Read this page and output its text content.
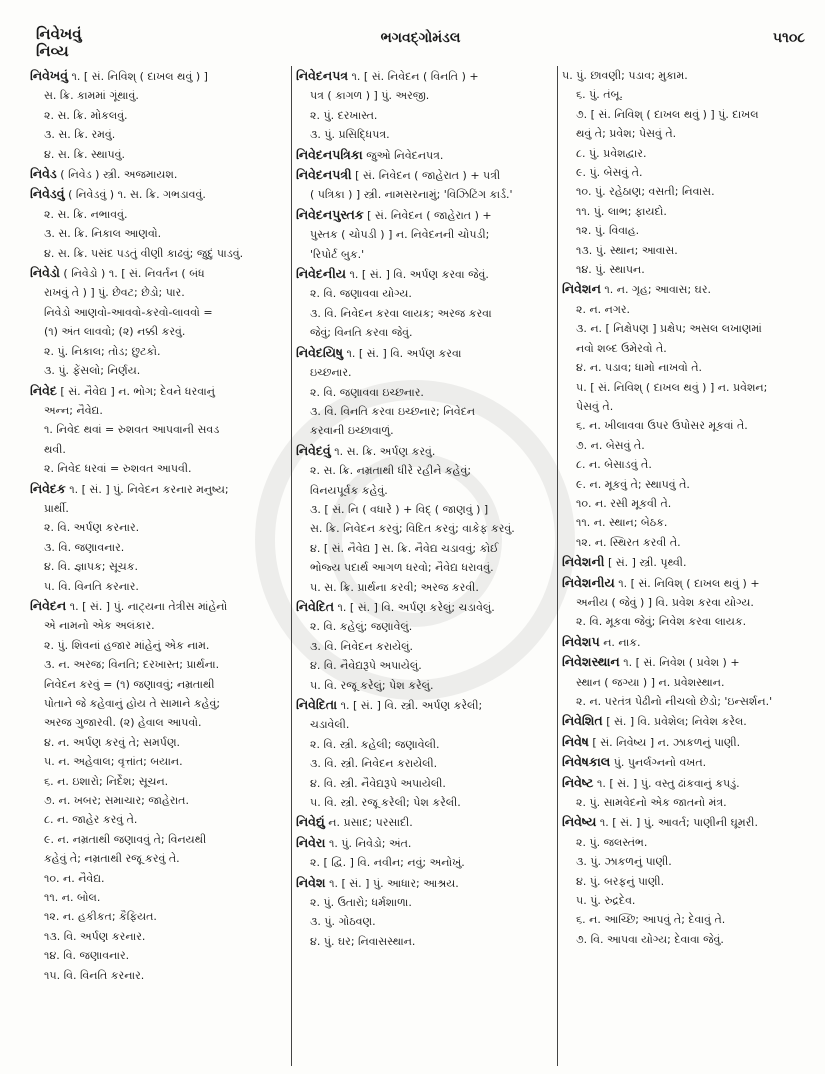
નિવેખવું
નિવ્ય
ભગવદ્ગોમંડલ	૫૧૦૮
નિવેખવું ૧. [ સં. નિવિશ્ ( દાખલ થવું ) ]
સ. ક્રિ. કામમાં ગૂંથાવું.
૨. સ. ક્રિ. મોકલવું.
૩. સ. ક્રિ. રમવું.
૪. સ. ક્રિ. સ્થાપવું.
નિવેડ ( નિવેડ ) સ્ત્રી. અજમાયશ.
નિવેડવું ( નિવેડવું ) ૧. સ. ક્રિ. ગભડાવવું.
૨. સ. ક્રિ. નભાવવું.
૩. સ. ક્રિ. નિકાલ આણવો.
૪. સ. ક્રિ. પસંદ પડતું વીણી કાઢવું; જુદું પાડવું.
નિવેડો ( નિવેડો ) ૧. [ સં. નિવર્તન ( બંધ
રાખવું તે ) ] પું. છેવટ; છેડો; પાર.
નિવેડો આણવો-આવવો-કરવો-લાવવો =
(૧) અંત લાવવો; (૨) નક્કી કરવું.
૨. પું. નિકાલ; તોડ; છુટકો.
૩. પું. ફેંસલો; નિર્ણય.
નિવેદ [ સં. નૈવેદ્ય ] ન. ભોગ; દેવને ધરવાનું
અન્ન; નૈવેદ્ય.
૧. નિવેદ થવાં = રુશવત આપવાની સવડ
થવી.
૨. નિવેદ ધરવાં = રુશવત આપવી.
નિવેદક ૧. [ સં. ] પું. નિવેદન કરનાર મનુષ્ય;
પ્રાર્થી.
૨. વિ. અર્પણ કરનાર.
૩. વિ. જણાવનાર.
૪. વિ. જ્ઞાપક; સૂચક.
૫. વિ. વિનતિ કરનાર.
નિવેદન ૧. [ સં. ] પું. નાટ્યના તેત્રીસ માંહેનો
એ નામનો એક અલંકાર.
૨. પું. શિવનાં હજાર માંહેનું એક નામ.
૩. ન. અરજ; વિનતિ; દરખાસ્ત; પ્રાર્થના.
નિવેદન કરવું = (૧) જણાવવું; નમ્રતાથી
પોતાને જે કહેવાનું હોય તે સામાને કહેવું;
અરજ ગુજારવી. (૨) હેવાલ આપવો.
૪. ન. અર્પણ કરવું તે; સમર્પણ.
૫. ન. અહેવાલ; વૃત્તાંત; બયાન.
૬. ન. ઇશારો; નિર્દેશ; સૂચન.
૭. ન. ખબર; સમાચાર; જાહેરાત.
૮. ન. જાહેર કરવું તે.
૯. ન. નમ્રતાથી જણાવવું તે; વિનયથી
કહેવું તે; નમ્રતાથી રજૂ કરવું તે.
૧૦. ન. નૈવેદ્ય.
૧૧. ન. બોલ.
૧૨. ન. હકીકત; કૈફિયત.
૧૩. વિ. અર્પણ કરનાર.
૧૪. વિ. જણાવનાર.
૧૫. વિ. વિનતિ કરનાર.
નિવેદનપત્ર ૧. [ સં. નિવેદન ( વિનતિ ) +
પત્ર ( કાગળ ) ] પું. અરજી.
૨. પું. દરખાસ્ત.
૩. પું. પ્રસિદ્ધિપત્ર.
નિવેદનપત્રિકા જુઓ નિવેદનપત્ર.
નિવેદનપત્રી [ સં. નિવેદન ( જાહેરાત ) + પત્રી
( પત્રિકા ) ] સ્ત્રી. નામસરનામું; 'વિઝિટિંગ કાર્ડ.'
નિવેદનપુસ્તક [ સં. નિવેદન ( જાહેરાત ) +
પુસ્તક ( ચોપડી ) ] ન. નિવેદનની ચોપડી;
'રિપોર્ટ બુક.'
નિવેદનીય ૧. [ સં. ] વિ. અર્પણ કરવા જેવું.
૨. વિ. જણાવવા યોગ્ય.
૩. વિ. નિવેદન કરવા લાયક; અરજ કરવા
જેવું; વિનતિ કરવા જેવું.
નિવેદયિષુ ૧. [ સં. ] વિ. અર્પણ કરવા
ઇચ્છનાર.
૨. વિ. જણાવવા ઇચ્છનાર.
૩. વિ. વિનતિ કરવા ઇચ્છનાર; નિવેદન
કરવાની ઇચ્છાવાળું.
નિવેદવું ૧. સ. ક્રિ. અર્પણ કરવું.
૨. સ. ક્રિ. નમ્રતાથી ધીરે રહીને કહેવું;
વિનયપૂર્વક કહેવું.
૩. [ સં. નિ ( વધારે ) + વિદ્ ( જાણવું ) ]
સ. ક્રિ. નિવેદન કરવું; વિદિત કરવું; વાકેફ કરવું.
૪. [ સં. નૈવેદ્ય ] સ. ક્રિ. નૈવેદ્ય ચડાવવું; કોઈ
ભોજ્ય પદાર્થ આગળ ધરવો; નૈવેદ્ય ધરાવવું.
૫. સ. ક્રિ. પ્રાર્થના કરવી; અરજ કરવી.
નિવેદિત ૧. [ સં. ] વિ. અર્પણ કરેલું; ચડાવેલું.
૨. વિ. કહેલું; જણાવેલું.
૩. વિ. નિવેદન કરાયેલું.
૪. વિ. નૈવેદ્યરૂપે અપાયેલું.
૫. વિ. રજૂ કરેલું; પેશ કરેલું.
નિવેદિતા ૧. [ સં. ] વિ. સ્ત્રી. અર્પણ કરેલી;
ચડાવેલી.
૨. વિ. સ્ત્રી. કહેલી; જણાવેલી.
૩. વિ. સ્ત્રી. નિવેદન કરાયેલી.
૪. વિ. સ્ત્રી. નૈવેદ્યરૂપે અપાયેલી.
૫. વિ. સ્ત્રી. રજૂ કરેલી; પેશ કરેલી.
નિવેદ્યું ન. પ્રસાદ; પરસાદી.
નિવેરા ૧. પું. નિવેડો; અંત.
૨. [ દ્વિ. ] વિ. નવીન; નવું; અનોખું.
નિવેશ ૧. [ સં. ] પું. આધાર; આશ્રય.
૨. પું. ઉતારો; ધર્મશાળા.
૩. પું. ગોઠવણ.
૪. પું. ઘર; નિવાસસ્થાન.
૫. પું. છાવણી; પડાવ; મુકામ.
૬. પું. તંબૂ.
૭. [ સં. નિવિશ્ ( દાખલ થવું ) ] પું. દાખલ
થવું તે; પ્રવેશ; પેસવું તે.
૮. પું. પ્રવેશદ્વાર.
૯. પું. બેસવું તે.
૧૦. પું. રહેઠાણ; વસતી; નિવાસ.
૧૧. પું. લાભ; ફાયદો.
૧૨. પું. વિવાહ.
૧૩. પું. સ્થાન; આવાસ.
૧૪. પું. સ્થાપન.
નિવેશન ૧. ન. ગૃહ; આવાસ; ઘર.
૨. ન. નગર.
૩. ન. [ નિક્ષેપણ ] પ્રક્ષેપ; અસલ લખાણમાં
નવો શબ્દ ઉમેરવો તે.
૪. ન. પડાવ; ધામો નાખવો તે.
૫. [ સં. નિવિશ્ ( દાખલ થવું ) ] ન. પ્રવેશન;
પેસવું તે.
૬. ન. ખીલાવવા ઉપર ઉપોસર મૂકવાં તે.
૭. ન. બેસવું તે.
૮. ન. બેસાડવું તે.
૯. ન. મૂકવું તે; સ્થાપવું તે.
૧૦. ન. રસી મૂકવી તે.
૧૧. ન. સ્થાન; બેઠક.
૧૨. ન. સ્થિરત કરવી તે.
નિવેશની [ સં. ] સ્ત્રી. પૃથ્વી.
નિવેશનીય ૧. [ સં. નિવિશ્ ( દાખલ થવું ) +
અનીય ( જેવું ) ] વિ. પ્રવેશ કરવા યોગ્ય.
૨. વિ. મૂકવા જેવું; નિવેશ કરવા લાયક.
નિવેશપ ન. નાક.
નિવેશસ્થાન ૧. [ સં. નિવેશ ( પ્રવેશ ) +
સ્થાન ( જગ્યા ) ] ન. પ્રવેશસ્થાન.
૨. ન. પરતંત્ર પેઢીનો નીચલો છેડો; 'ઇન્સર્શન.'
નિવેશિત [ સં. ] વિ. પ્રવેશેલ; નિવેશ કરેલ.
નિવેષ [ સં. નિવેષ્ય ] ન. ઝાકળનું પાણી.
નિવેષકાલ પું. પુનર્લગ્નનો વખત.
નિવેષ્ટ ૧. [ સં. ] પું. વસ્તુ ઢાંકવાનું કપડું.
૨. પું. સામવેદનો એક જાતનો મંત્ર.
નિવેષ્ય ૧. [ સં. ] પું. આવર્ત; પાણીની ઘૂમરી.
૨. પું. જલસ્તંભ.
૩. પું. ઝાકળનું પાણી.
૪. પું. બરફનું પાણી.
૫. પું. રુદ્રદેવ.
૬. ન. આચ્છિ; આપવું તે; દેવાવું તે.
૭. વિ. આપવા યોગ્ય; દેવાવા જેવું.
